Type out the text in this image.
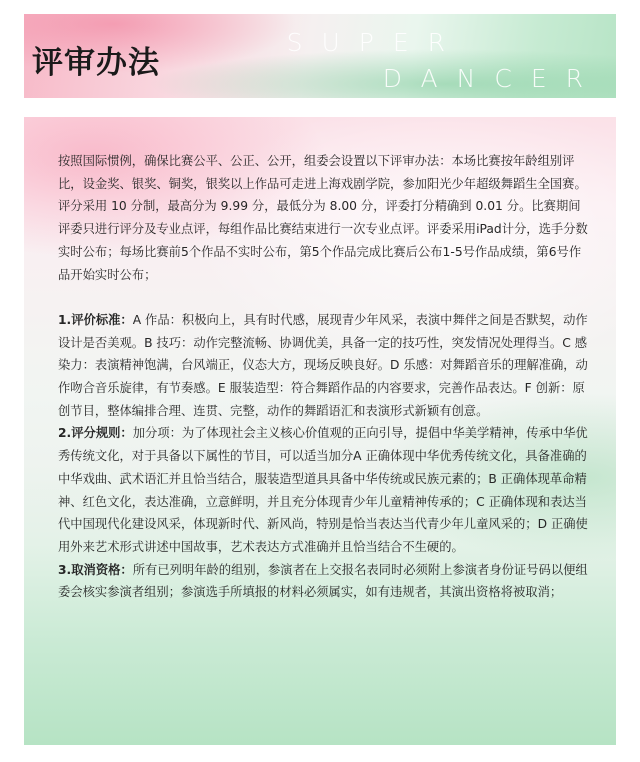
评审办法
SUPER
DANCER

按照国际惯例，确保比赛公平、公正、公开，组委会设置以下评审办法：本场比赛按年龄组别评比，设金奖、银奖、铜奖，银奖以上作品可走进上海戏剧学院，参加阳光少年超级舞蹈生全国赛。评分采用 10 分制，最高分为 9.99 分，最低分为 8.00 分，评委打分精确到 0.01 分。比赛期间评委只进行评分及专业点评，每组作品比赛结束进行一次专业点评。评委采用iPad计分，选手分数实时公布；每场比赛前5个作品不实时公布，第5个作品完成比赛后公布1-5号作品成绩，第6号作品开始实时公布；

1.评价标准：A 作品：积极向上，具有时代感，展现青少年风采，表演中舞伴之间是否默契，动作设计是否美观。B 技巧：动作完整流畅、协调优美，具备一定的技巧性，突发情况处理得当。C 感染力：表演精神饱满，台风端正，仪态大方，现场反映良好。D 乐感：对舞蹈音乐的理解准确，动作吻合音乐旋律，有节奏感。E 服装造型：符合舞蹈作品的内容要求，完善作品表达。F 创新：原创节目，整体编排合理、连贯、完整，动作的舞蹈语汇和表演形式新颖有创意。

2.评分规则：加分项：为了体现社会主义核心价值观的正向引导，提倡中华美学精神，传承中华优秀传统文化，对于具备以下属性的节目，可以适当加分A 正确体现中华优秀传统文化，具备准确的中华戏曲、武术语汇并且恰当结合，服装造型道具具备中华传统或民族元素的；B 正确体现革命精神、红色文化，表达准确，立意鲜明，并且充分体现青少年儿童精神传承的；C 正确体现和表达当代中国现代化建设风采，体现新时代、新风尚，特别是恰当表达当代青少年儿童风采的；D 正确使用外来艺术形式讲述中国故事，艺术表达方式准确并且恰当结合不生硬的。

3.取消资格：所有已列明年龄的组别，参演者在上交报名表同时必须附上参演者身份证号码以便组委会核实参演者组别；参演选手所填报的材料必须属实，如有违规者，其演出资格将被取消；
